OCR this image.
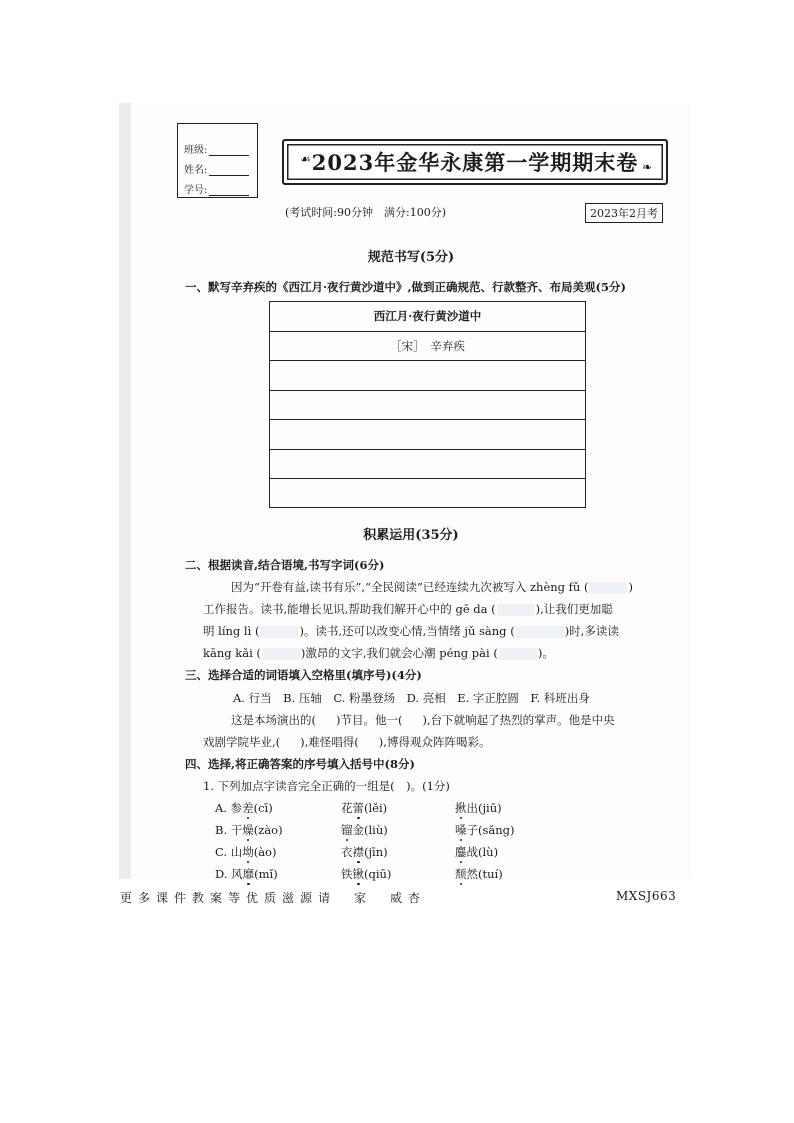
班级:
姓名:
学号:
☙ 2023年金华永康第一学期期末卷 ❧
(考试时间:90分钟　满分:100分)	2023年2月考
规范书写(5分)
一、默写辛弃疾的《西江月·夜行黄沙道中》,做到正确规范、行款整齐、布局美观(5分)
西江月·夜行黄沙道中
［宋］　辛弃疾
积累运用(35分)
二、根据读音,结合语境,书写字词(6分)
因为“开卷有益,读书有乐”,“全民阅读”已经连续九次被写入 zhèng fǔ (	)
工作报告。读书,能增长见识,帮助我们解开心中的 gē da (	),让我们更加聪
明 líng lì (	)。读书,还可以改变心情,当情绪 jǔ sàng (	)时,多读读
kāng kǎi (	)激昂的文字,我们就会心潮 péng pài (	)。
三、选择合适的词语填入空格里(填序号)(4分)
A. 行当　B. 压轴　C. 粉墨登场　D. 亮相　E. 字正腔圆　F. 科班出身
这是本场演出的( )节目。他一( ),台下就响起了热烈的掌声。他是中央
戏剧学院毕业,( ),难怪唱得( ),博得观众阵阵喝彩。
四、选择,将正确答案的序号填入括号中(8分)
1. 下列加点字读音完全正确的一组是(　)。(1分)
A. 参差(cī)	花蕾(lěi)	揪出(jiū)
B. 干燥(zào)	镏金(liù)	嗓子(sǎng)
C. 山坳(ào)	衣襟(jīn)	鏖战(lù)
D. 风靡(mǐ)	铁锹(qiū)	颓然(tuí)
更多课件教案等优质滋源请　家　威杏	MXSJ663
